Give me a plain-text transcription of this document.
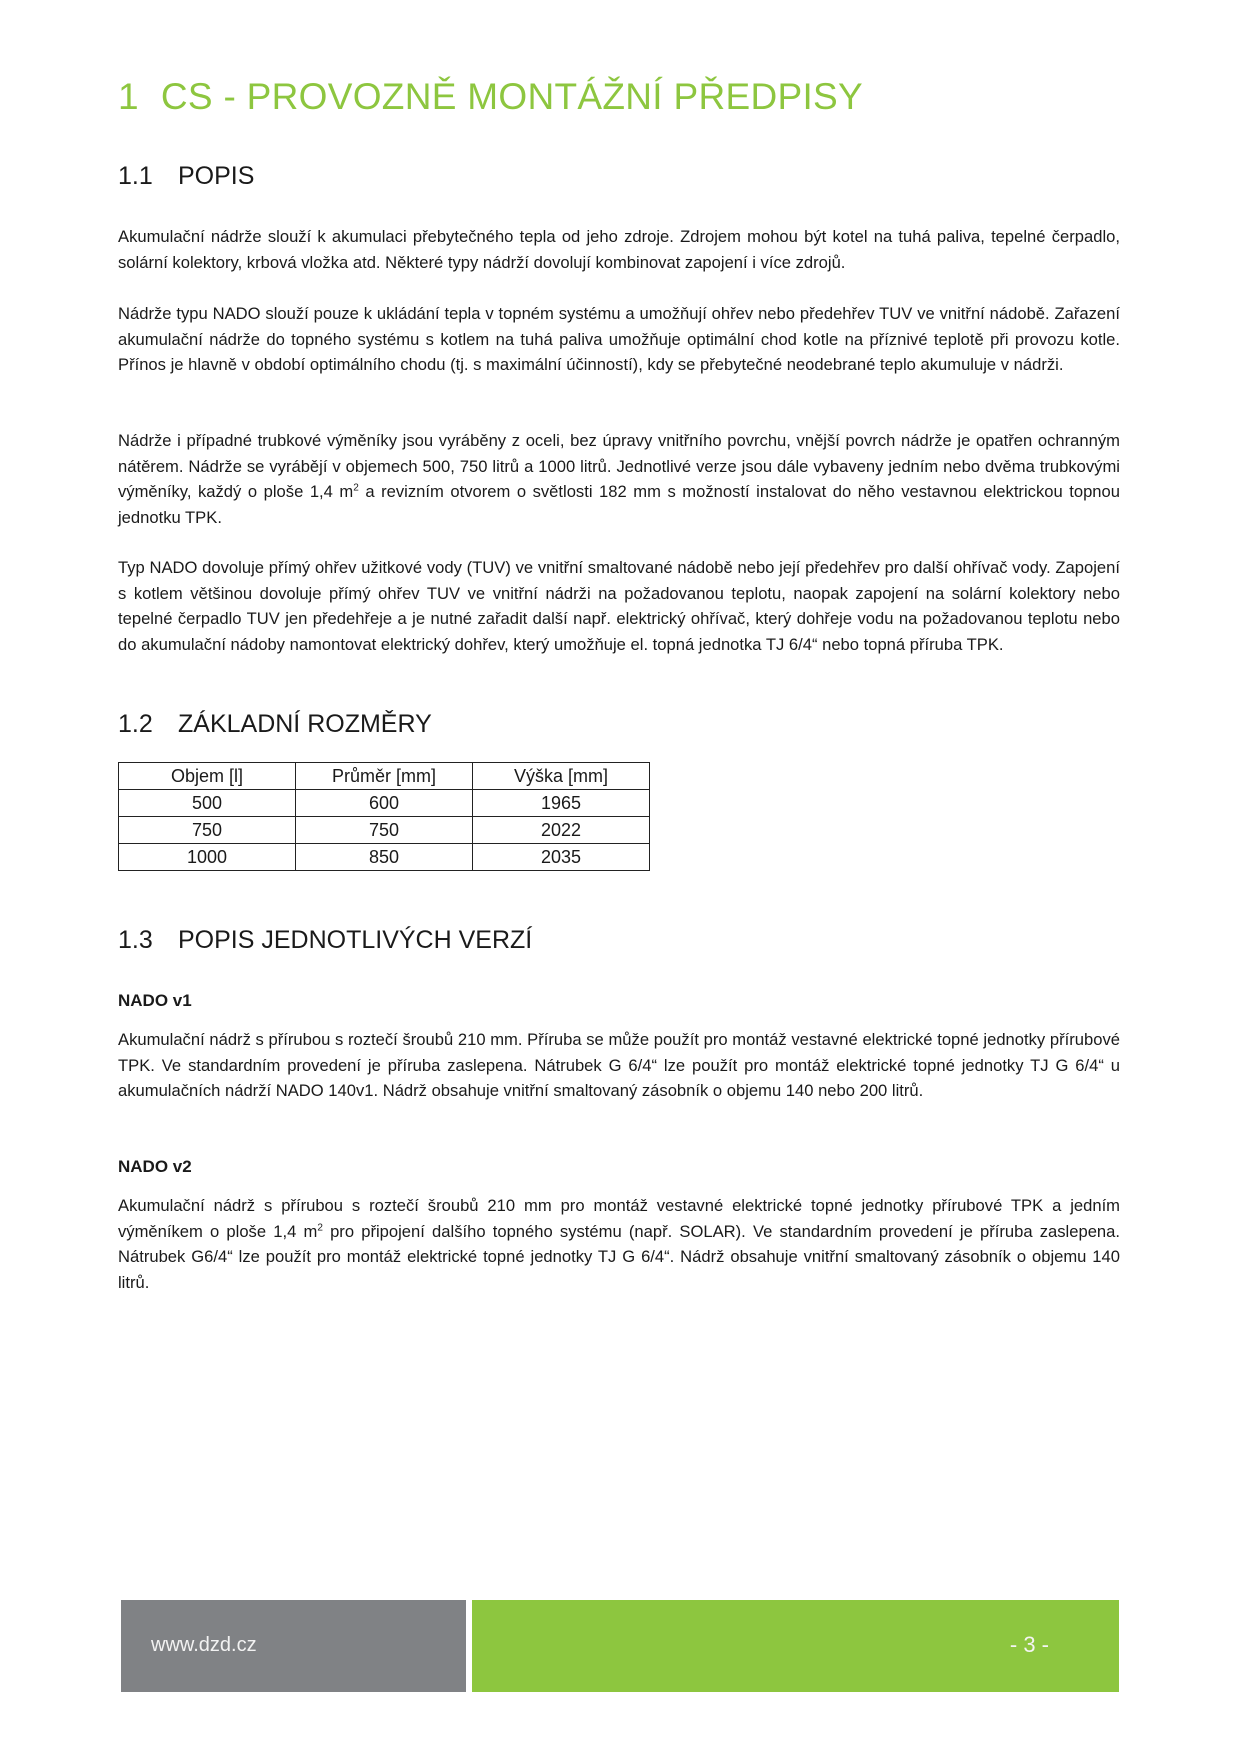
1 CS - PROVOZNĚ MONTÁŽNÍ PŘEDPISY
1.1 POPIS
Akumulační nádrže slouží k akumulaci přebytečného tepla od jeho zdroje. Zdrojem mohou být kotel na tuhá paliva, tepelné čerpadlo, solární kolektory, krbová vložka atd. Některé typy nádrží dovolují kombinovat zapojení i více zdrojů.
Nádrže typu NADO slouží pouze k ukládání tepla v topném systému a umožňují ohřev nebo předehřev TUV ve vnitřní nádobě. Zařazení akumulační nádrže do topného systému s kotlem na tuhá paliva umožňuje optimální chod kotle na příznivé teplotě při provozu kotle. Přínos je hlavně v období optimálního chodu (tj. s maximální účinností), kdy se přebytečné neodebrané teplo akumuluje v nádrži.
Nádrže i případné trubkové výměníky jsou vyráběny z oceli, bez úpravy vnitřního povrchu, vnější povrch nádrže je opatřen ochranným nátěrem. Nádrže se vyrábějí v objemech 500, 750 litrů a 1000 litrů. Jednotlivé verze jsou dále vybaveny jedním nebo dvěma trubkovými výměníky, každý o ploše 1,4 $m^2$ a revizním otvorem o světlosti 182 mm s možností instalovat do něho vestavnou elektrickou topnou jednotku TPK.
Typ NADO dovoluje přímý ohřev užitkové vody (TUV) ve vnitřní smaltované nádobě nebo její předehřev pro další ohřívač vody. Zapojení s kotlem většinou dovoluje přímý ohřev TUV ve vnitřní nádrži na požadovanou teplotu, naopak zapojení na solární kolektory nebo tepelné čerpadlo TUV jen předehřeje a je nutné zařadit další např. elektrický ohřívač, který dohřeje vodu na požadovanou teplotu nebo do akumulační nádoby namontovat elektrický dohřev, který umožňuje el. topná jednotka TJ 6/4“ nebo topná příruba TPK.
1.2 ZÁKLADNÍ ROZMĚRY
Objem [l]	Průměr [mm]	Výška [mm]
500	600	1965
750	750	2022
1000	850	2035
1.3 POPIS JEDNOTLIVÝCH VERZÍ
NADO v1
Akumulační nádrž s přírubou s roztečí šroubů 210 mm. Příruba se může použít pro montáž vestavné elektrické topné jednotky přírubové TPK. Ve standardním provedení je příruba zaslepena. Nátrubek G 6/4“ lze použít pro montáž elektrické topné jednotky TJ G 6/4“ u akumulačních nádrží NADO 140v1. Nádrž obsahuje vnitřní smaltovaný zásobník o objemu 140 nebo 200 litrů.
NADO v2
Akumulační nádrž s přírubou s roztečí šroubů 210 mm pro montáž vestavné elektrické topné jednotky přírubové TPK a jedním výměníkem o ploše 1,4 $m^2$ pro připojení dalšího topného systému (např. SOLAR). Ve standardním provedení je příruba zaslepena. Nátrubek G6/4“ lze použít pro montáž elektrické topné jednotky TJ G 6/4“. Nádrž obsahuje vnitřní smaltovaný zásobník o objemu 140 litrů.
www.dzd.cz	- 3 -
